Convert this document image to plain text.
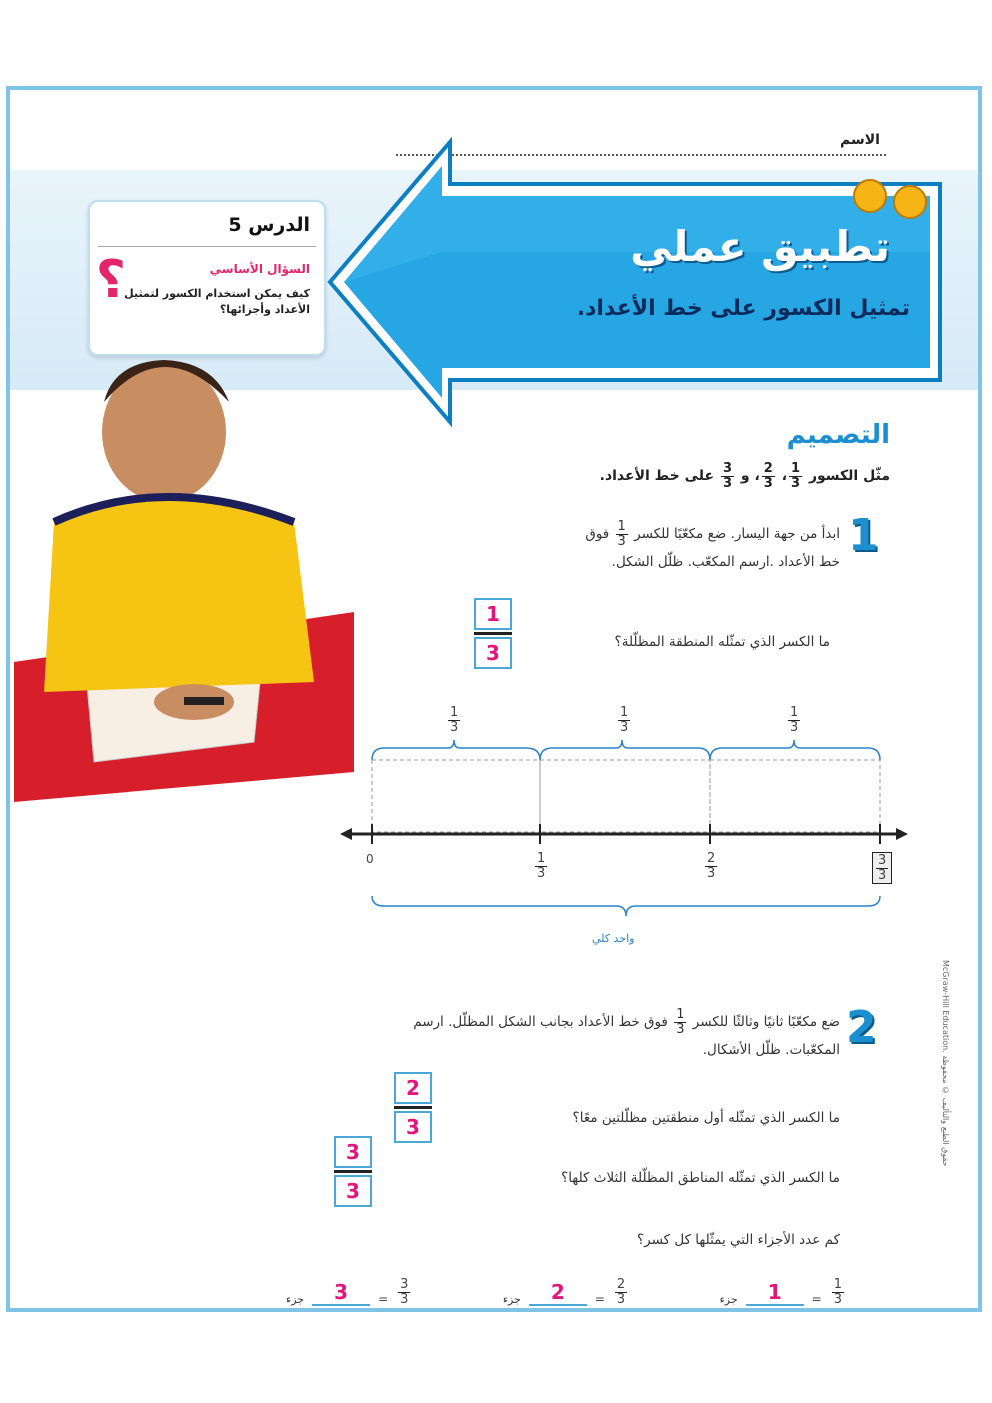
الاسم
تطبيق عملي
تمثيل الكسور على خط الأعداد.
الدرس 5
السؤال الأساسي
كيف يمكن استخدام الكسور لتمثيل الأعداد وأجزائها؟
?
التصميم
مثّل الكسور
$\frac{1}{3}$
،
$\frac{2}{3}$
، و
$\frac{3}{3}$
على خط الأعداد.
1
ابدأ من جهة اليسار. ضع مكعّبًا للكسر
$\frac{1}{3}$
فوق
خط الأعداد .ارسم المكعّب. ظلّل الشكل.
ما الكسر الذي تمثّله المنطقة المظلّلة؟
$\frac{1}{3}$
$\frac{1}{3}$	$\frac{1}{3}$	$\frac{1}{3}$
0	$\frac{1}{3}$	$\frac{2}{3}$	$\frac{3}{3}$
واحد كلي
2
ضع مكعّبًا ثانيًا وثالثًا للكسر
$\frac{1}{3}$
فوق خط الأعداد بجانب الشكل المظلّل. ارسم
المكعّبات. ظلّل الأشكال.
ما الكسر الذي تمثّله أول منطقتين مظلّلتين معًا؟
$\frac{2}{3}$
ما الكسر الذي تمثّله المناطق المظلّلة الثلاث كلها؟
$\frac{3}{3}$
كم عدد الأجزاء التي يمثّلها كل كسر؟
$\frac{1}{3}$
=
1
جزء
$\frac{2}{3}$
=
2
جزء
$\frac{3}{3}$
=
3
جزء
McGraw-Hill Education. حقوق الطبع والتأليف © محفوظة
